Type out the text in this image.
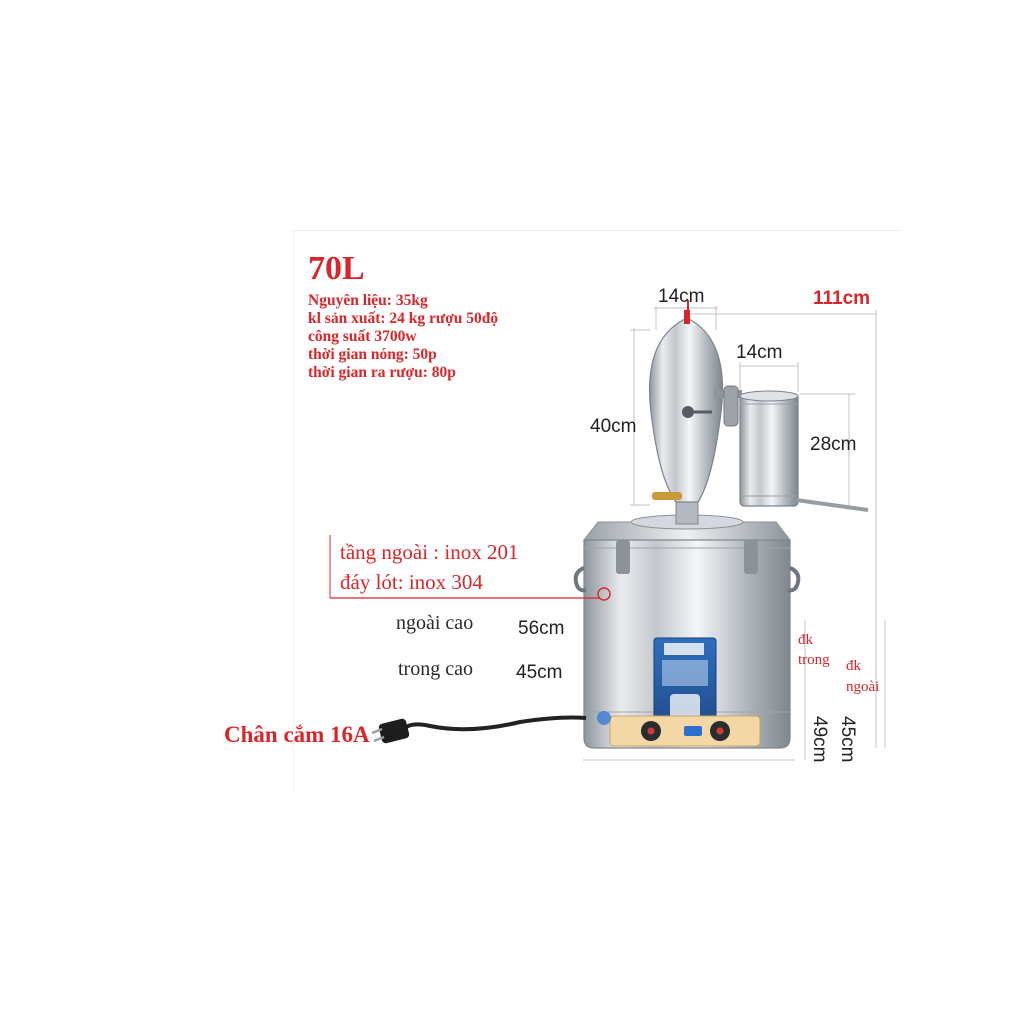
70L
Nguyên liệu: 35kg
kl sản xuất: 24 kg rượu 50độ
công suất 3700w
thời gian nóng: 50p
thời gian ra rượu: 80p
14cm	111cm
14cm
40cm
28cm
tầng ngoài : inox 201
đáy lót: inox 304
ngoài cao 56cm
trong cao 45cm
đk
trong đk
ngoài
49cm 45cm
Chân cắm 16A
